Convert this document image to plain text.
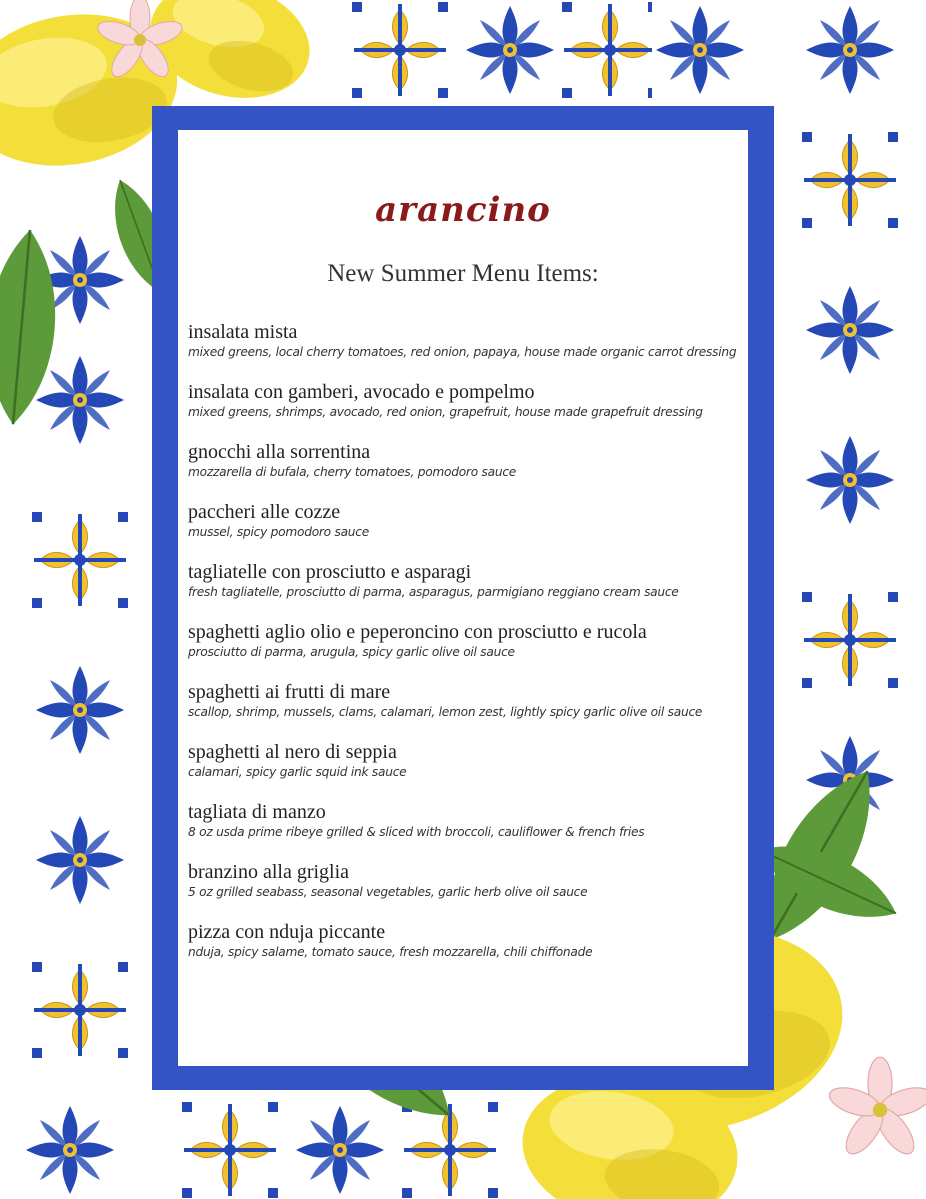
arancino
New Summer Menu Items:
insalata mista
mixed greens, local cherry tomatoes, red onion, papaya, house made organic carrot dressing
insalata con gamberi, avocado e pompelmo
mixed greens, shrimps, avocado, red onion, grapefruit, house made grapefruit dressing
gnocchi alla sorrentina
mozzarella di bufala, cherry tomatoes, pomodoro sauce
paccheri alle cozze
mussel, spicy pomodoro sauce
tagliatelle con prosciutto e asparagi
fresh tagliatelle, prosciutto di parma, asparagus, parmigiano reggiano cream sauce
spaghetti aglio olio e peperoncino con prosciutto e rucola
prosciutto di parma, arugula, spicy garlic olive oil sauce
spaghetti ai frutti di mare
scallop, shrimp, mussels, clams, calamari, lemon zest, lightly spicy garlic olive oil sauce
spaghetti al nero di seppia
calamari, spicy garlic squid ink sauce
tagliata di manzo
8 oz usda prime ribeye grilled & sliced with broccoli, cauliflower & french fries
branzino alla griglia
5 oz grilled seabass, seasonal vegetables, garlic herb olive oil sauce
pizza con nduja piccante
nduja, spicy salame, tomato sauce, fresh mozzarella, chili chiffonade
